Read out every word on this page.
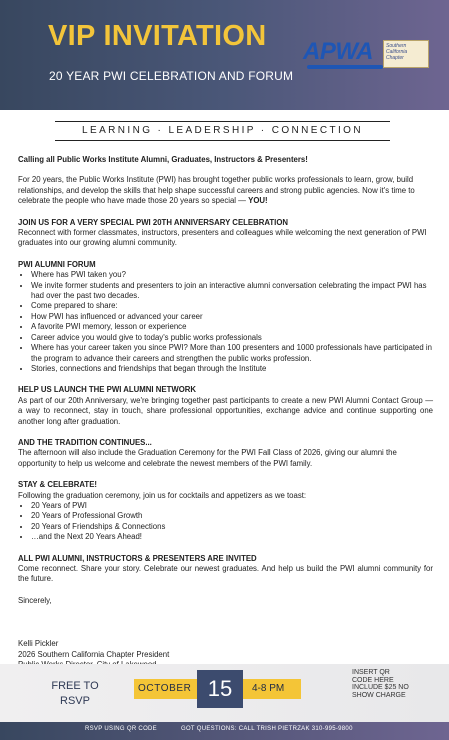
VIP INVITATION
20 YEAR PWI CELEBRATION AND FORUM
APWA	Southern California Chapter
LEARNING · LEADERSHIP · CONNECTION

Calling all Public Works Institute Alumni, Graduates, Instructors & Presenters!

For 20 years, the Public Works Institute (PWI) has brought together public works professionals to learn, grow, build relationships, and develop the skills that help shape successful careers and strong public agencies. Now it's time to celebrate the people who have made those 20 years so special — YOU!

JOIN US FOR A VERY SPECIAL PWI 20TH ANNIVERSARY CELEBRATION

Reconnect with former classmates, instructors, presenters and colleagues while welcoming the next generation of PWI graduates into our growing alumni community.

PWI ALUMNI FORUM

• Where has PWI taken you?
• We invite former students and presenters to join an interactive alumni conversation celebrating the impact PWI has had over the past two decades.
• Come prepared to share:
• How PWI has influenced or advanced your career
• A favorite PWI memory, lesson or experience
• Career advice you would give to today's public works professionals
• Where has your career taken you since PWI? More than 100 presenters and 1000 professionals have participated in the program to advance their careers and strengthen the public works profession.
• Stories, connections and friendships that began through the Institute

HELP US LAUNCH THE PWI ALUMNI NETWORK

As part of our 20th Anniversary, we're bringing together past participants to create a new PWI Alumni Contact Group — a way to reconnect, stay in touch, share professional opportunities, exchange advice and continue supporting one another long after graduation.

AND THE TRADITION CONTINUES...

The afternoon will also include the Graduation Ceremony for the PWI Fall Class of 2026, giving our alumni the opportunity to help us welcome and celebrate the newest members of the PWI family.

STAY & CELEBRATE!

Following the graduation ceremony, join us for cocktails and appetizers as we toast:

• 20 Years of PWI
• 20 Years of Professional Growth
• 20 Years of Friendships & Connections
• …and the Next 20 Years Ahead!

ALL PWI ALUMNI, INSTRUCTORS & PRESENTERS ARE INVITED

Come reconnect. Share your story. Celebrate our newest graduates. And help us build the PWI alumni community for the future.

Sincerely,

Kelli Pickler

2026 Southern California Chapter President

FREE TO
RSVP
OCTOBER 15	4-8 PM
INSERT QR CODE HERE INCLUDE $25 NO SHOW CHARGE
RSVP USING QR CODE	GOT QUESTIONS: CALL TRISH PIETRZAK 310-995-9800
